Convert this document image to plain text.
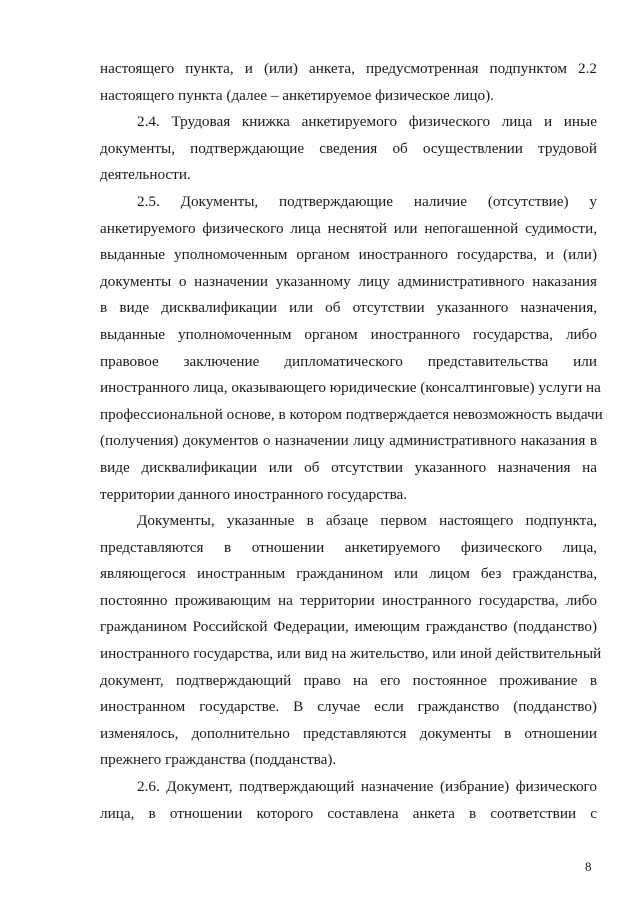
настоящего пункта, и (или) анкета, предусмотренная подпунктом 2.2
настоящего пункта (далее – анкетируемое физическое лицо).

2.4. Трудовая книжка анкетируемого физического лица и иные
документы, подтверждающие сведения об осуществлении трудовой
деятельности.

2.5. Документы, подтверждающие наличие (отсутствие) у
анкетируемого физического лица неснятой или непогашенной судимости,
выданные уполномоченным органом иностранного государства, и (или)
документы о назначении указанному лицу административного наказания
в виде дисквалификации или об отсутствии указанного назначения,
выданные уполномоченным органом иностранного государства, либо
правовое заключение дипломатического представительства или
иностранного лица, оказывающего юридические (консалтинговые) услуги на
профессиональной основе, в котором подтверждается невозможность выдачи
(получения) документов о назначении лицу административного наказания в
виде дисквалификации или об отсутствии указанного назначения на
территории данного иностранного государства.

Документы, указанные в абзаце первом настоящего подпункта,
представляются в отношении анкетируемого физического лица,
являющегося иностранным гражданином или лицом без гражданства,
постоянно проживающим на территории иностранного государства, либо
гражданином Российской Федерации, имеющим гражданство (подданство)
иностранного государства, или вид на жительство, или иной действительный
документ, подтверждающий право на его постоянное проживание в
иностранном государстве. В случае если гражданство (подданство)
изменялось, дополнительно представляются документы в отношении
прежнего гражданства (подданства).

2.6. Документ, подтверждающий назначение (избрание) физического
лица, в отношении которого составлена анкета в соответствии с

8
